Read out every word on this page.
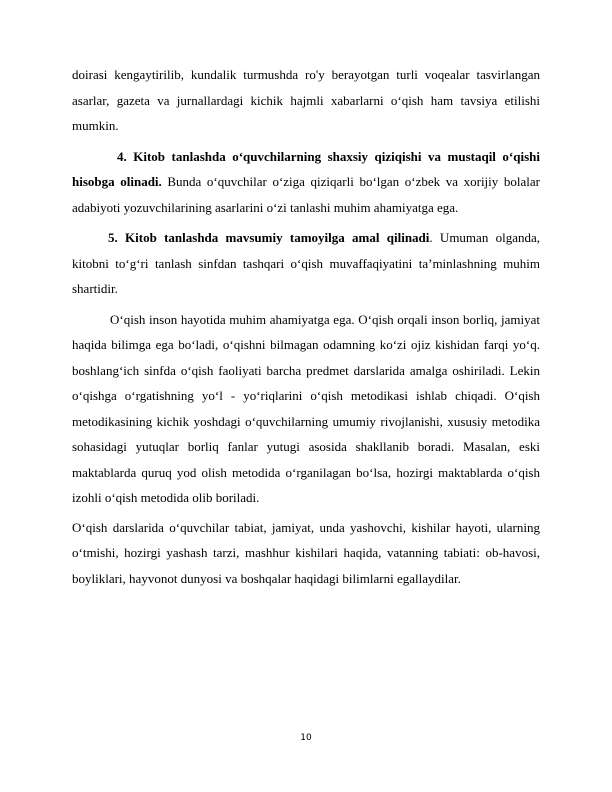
doirasi kengaytirilib, kundalik turmushda ro'y berayotgan turli voqealar tasvirlangan asarlar, gazeta va jurnallardagi kichik hajmli xabarlarni o‘qish ham tavsiya etilishi mumkin.

4. Kitob tanlashda o‘quvchilarning shaxsiy qiziqishi va mustaqil o‘qishi hisobga olinadi. Bunda o‘quvchilar o‘ziga qiziqarli bo‘lgan o‘zbek va xorijiy bolalar adabiyoti yozuvchilarining asarlarini o‘zi tanlashi muhim ahamiyatga ega.

5. Kitob tanlashda mavsumiy tamoyilga amal qilinadi. Umuman olganda, kitobni to‘g‘ri tanlash sinfdan tashqari o‘qish muvaffaqiyatini ta’minlashning muhim shartidir.

O‘qish inson hayotida muhim ahamiyatga ega. O‘qish orqali inson borliq, jamiyat haqida bilimga ega bo‘ladi, o‘qishni bilmagan odamning ko‘zi ojiz kishidan farqi yo‘q. boshlang‘ich sinfda o‘qish faoliyati barcha predmet darslarida amalga oshiriladi. Lekin o‘qishga o‘rgatishning yo‘l - yo‘riqlarini o‘qish metodikasi ishlab chiqadi. O‘qish metodikasining kichik yoshdagi o‘quvchilarning umumiy rivojlanishi, xususiy metodika sohasidagi yutuqlar borliq fanlar yutugi asosida shakllanib boradi. Masalan, eski maktablarda quruq yod olish metodida o‘rganilagan bo‘lsa, hozirgi maktablarda o‘qish izohli o‘qish metodida olib boriladi.

O‘qish darslarida o‘quvchilar tabiat, jamiyat, unda yashovchi, kishilar hayoti, ularning o‘tmishi, hozirgi yashash tarzi, mashhur kishilari haqida, vatanning tabiati: ob-havosi, boyliklari, hayvonot dunyosi va boshqalar haqidagi bilimlarni egallaydilar.

10
